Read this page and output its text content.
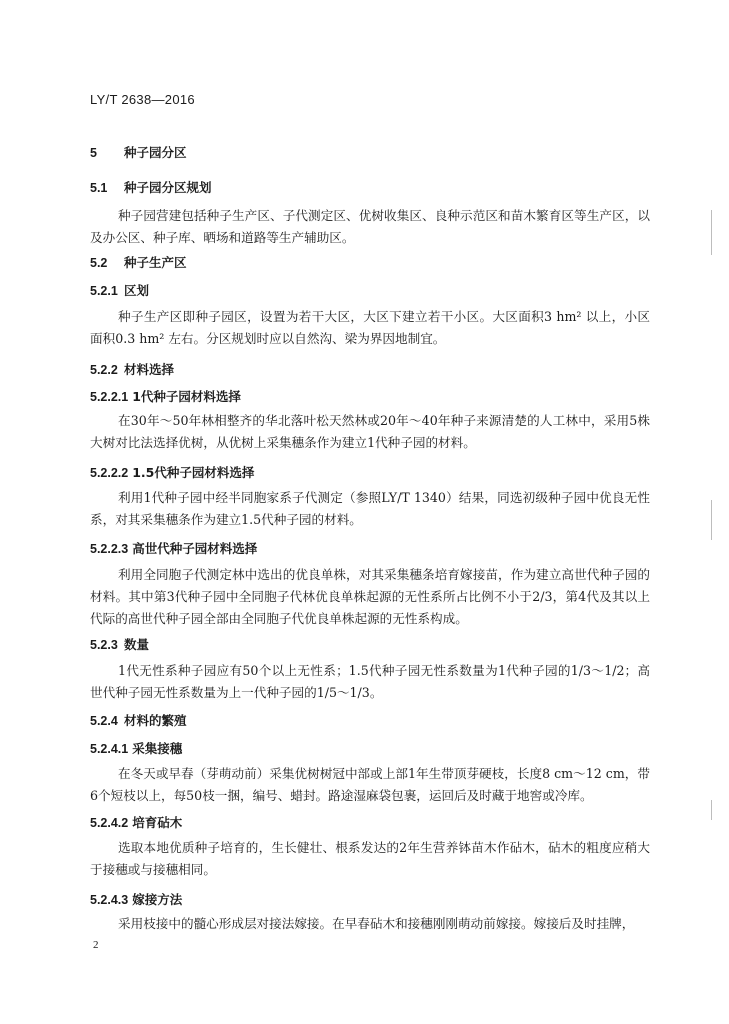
LY/T 2638—2016
5 种子园分区
5.1 种子园分区规划
种子园营建包括种子生产区、子代测定区、优树收集区、良种示范区和苗木繁育区等生产区，以及办公区、种子库、晒场和道路等生产辅助区。
5.2 种子生产区
5.2.1 区划
种子生产区即种子园区，设置为若干大区，大区下建立若干小区。大区面积3 hm² 以上，小区面积0.3 hm² 左右。分区规划时应以自然沟、梁为界因地制宜。
5.2.2 材料选择
5.2.2.1 1代种子园材料选择
在30年～50年林相整齐的华北落叶松天然林或20年～40年种子来源清楚的人工林中，采用5株大树对比法选择优树，从优树上采集穗条作为建立1代种子园的材料。
5.2.2.2 1.5代种子园材料选择
利用1代种子园中经半同胞家系子代测定（参照LY/T 1340）结果，同选初级种子园中优良无性系，对其采集穗条作为建立1.5代种子园的材料。
5.2.2.3 高世代种子园材料选择
利用全同胞子代测定林中选出的优良单株，对其采集穗条培育嫁接苗，作为建立高世代种子园的材料。其中第3代种子园中全同胞子代林优良单株起源的无性系所占比例不小于2/3，第4代及其以上代际的高世代种子园全部由全同胞子代优良单株起源的无性系构成。
5.2.3 数量
1代无性系种子园应有50个以上无性系；1.5代种子园无性系数量为1代种子园的1/3～1/2；高世代种子园无性系数量为上一代种子园的1/5～1/3。
5.2.4 材料的繁殖
5.2.4.1 采集接穗
在冬天或早春（芽萌动前）采集优树树冠中部或上部1年生带顶芽硬枝，长度8 cm～12 cm，带6个短枝以上，每50枝一捆，编号、蜡封。路途湿麻袋包裹，运回后及时藏于地窖或冷库。
5.2.4.2 培育砧木
选取本地优质种子培育的，生长健壮、根系发达的2年生营养钵苗木作砧木，砧木的粗度应稍大于接穗或与接穗相同。
5.2.4.3 嫁接方法
采用枝接中的髓心形成层对接法嫁接。在早春砧木和接穗刚刚萌动前嫁接。嫁接后及时挂牌，
2
